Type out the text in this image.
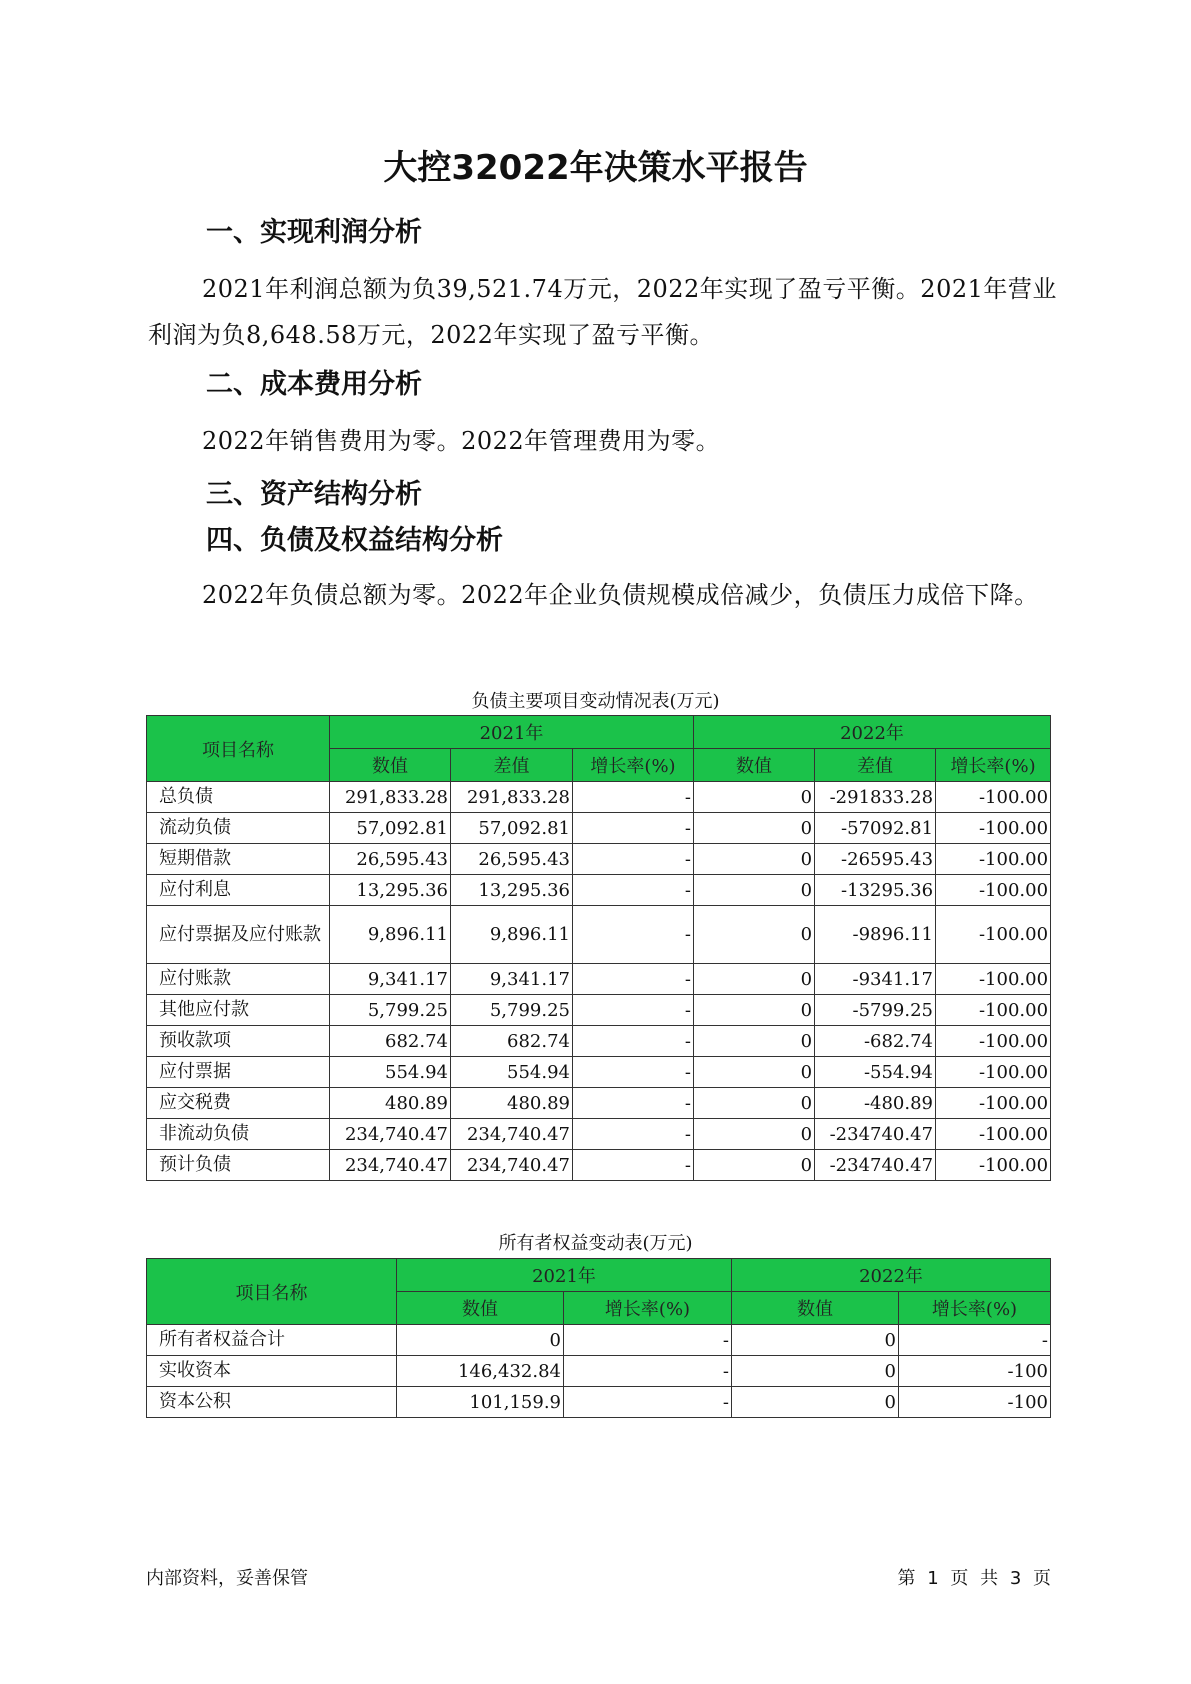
大控32022年决策水平报告
一、实现利润分析
2021年利润总额为负39,521.74万元，2022年实现了盈亏平衡。2021年营业利润为负8,648.58万元，2022年实现了盈亏平衡。
二、成本费用分析
2022年销售费用为零。2022年管理费用为零。
三、资产结构分析
四、负债及权益结构分析
2022年负债总额为零。2022年企业负债规模成倍减少，负债压力成倍下降。
负债主要项目变动情况表(万元)
项目名称	2021年			2022年		
	数值	差值	增长率(%)	数值	差值	增长率(%)
总负债	291,833.28	291,833.28	-	0	-291833.28	-100.00
流动负债	57,092.81	57,092.81	-	0	-57092.81	-100.00
短期借款	26,595.43	26,595.43	-	0	-26595.43	-100.00
应付利息	13,295.36	13,295.36	-	0	-13295.36	-100.00
应付票据及应付账款	9,896.11	9,896.11	-	0	-9896.11	-100.00
应付账款	9,341.17	9,341.17	-	0	-9341.17	-100.00
其他应付款	5,799.25	5,799.25	-	0	-5799.25	-100.00
预收款项	682.74	682.74	-	0	-682.74	-100.00
应付票据	554.94	554.94	-	0	-554.94	-100.00
应交税费	480.89	480.89	-	0	-480.89	-100.00
非流动负债	234,740.47	234,740.47	-	0	-234740.47	-100.00
预计负债	234,740.47	234,740.47	-	0	-234740.47	-100.00
所有者权益变动表(万元)
项目名称	2021年		2022年	
	数值	增长率(%)	数值	增长率(%)
所有者权益合计	0	-	0	-
实收资本	146,432.84	-	0	-100
资本公积	101,159.9	-	0	-100
内部资料，妥善保管	第 1 页 共 3 页
